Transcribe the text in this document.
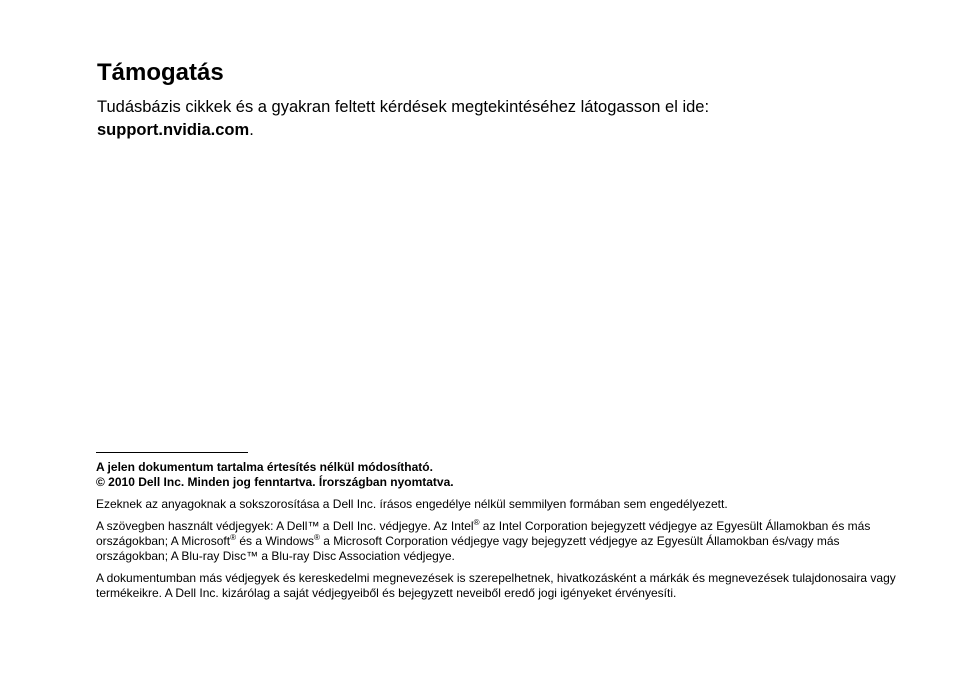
Támogatás

Tudásbázis cikkek és a gyakran feltett kérdések megtekintéséhez látogasson el ide: support.nvidia.com.

A jelen dokumentum tartalma értesítés nélkül módosítható.
© 2010 Dell Inc. Minden jog fenntartva. Írországban nyomtatva.

Ezeknek az anyagoknak a sokszorosítása a Dell Inc. írásos engedélye nélkül semmilyen formában sem engedélyezett.

A szövegben használt védjegyek: A Dell™ a Dell Inc. védjegye. Az Intel® az Intel Corporation bejegyzett védjegye az Egyesült Államokban és más országokban; A Microsoft® és a Windows® a Microsoft Corporation védjegye vagy bejegyzett védjegye az Egyesült Államokban és/vagy más országokban; A Blu-ray Disc™ a Blu-ray Disc Association védjegye.

A dokumentumban más védjegyek és kereskedelmi megnevezések is szerepelhetnek, hivatkozásként a márkák és megnevezések tulajdonosaira vagy termékeikre. A Dell Inc. kizárólag a saját védjegyeiből és bejegyzett neveiből eredő jogi igényeket érvényesíti.
